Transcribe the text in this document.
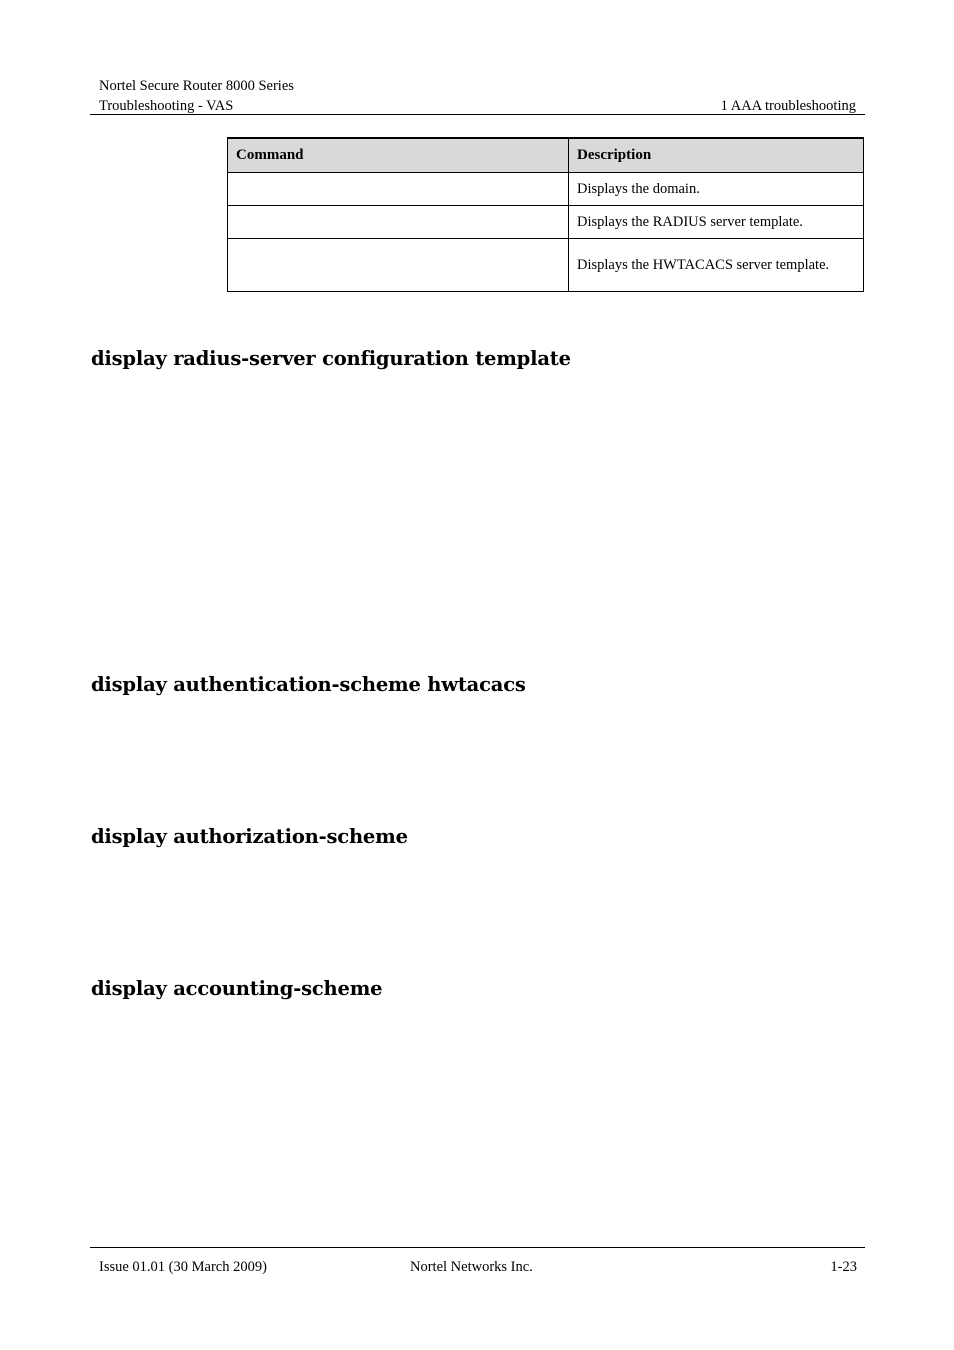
Nortel Secure Router 8000 Series
Troubleshooting - VAS	1 AAA troubleshooting
Command	Description
	Displays the domain.
	Displays the RADIUS server template.
	Displays the HWTACACS server template.
display radius-server configuration template
display authentication-scheme hwtacacs
display authorization-scheme
display accounting-scheme
Issue 01.01 (30 March 2009)	Nortel Networks Inc.	1-23
